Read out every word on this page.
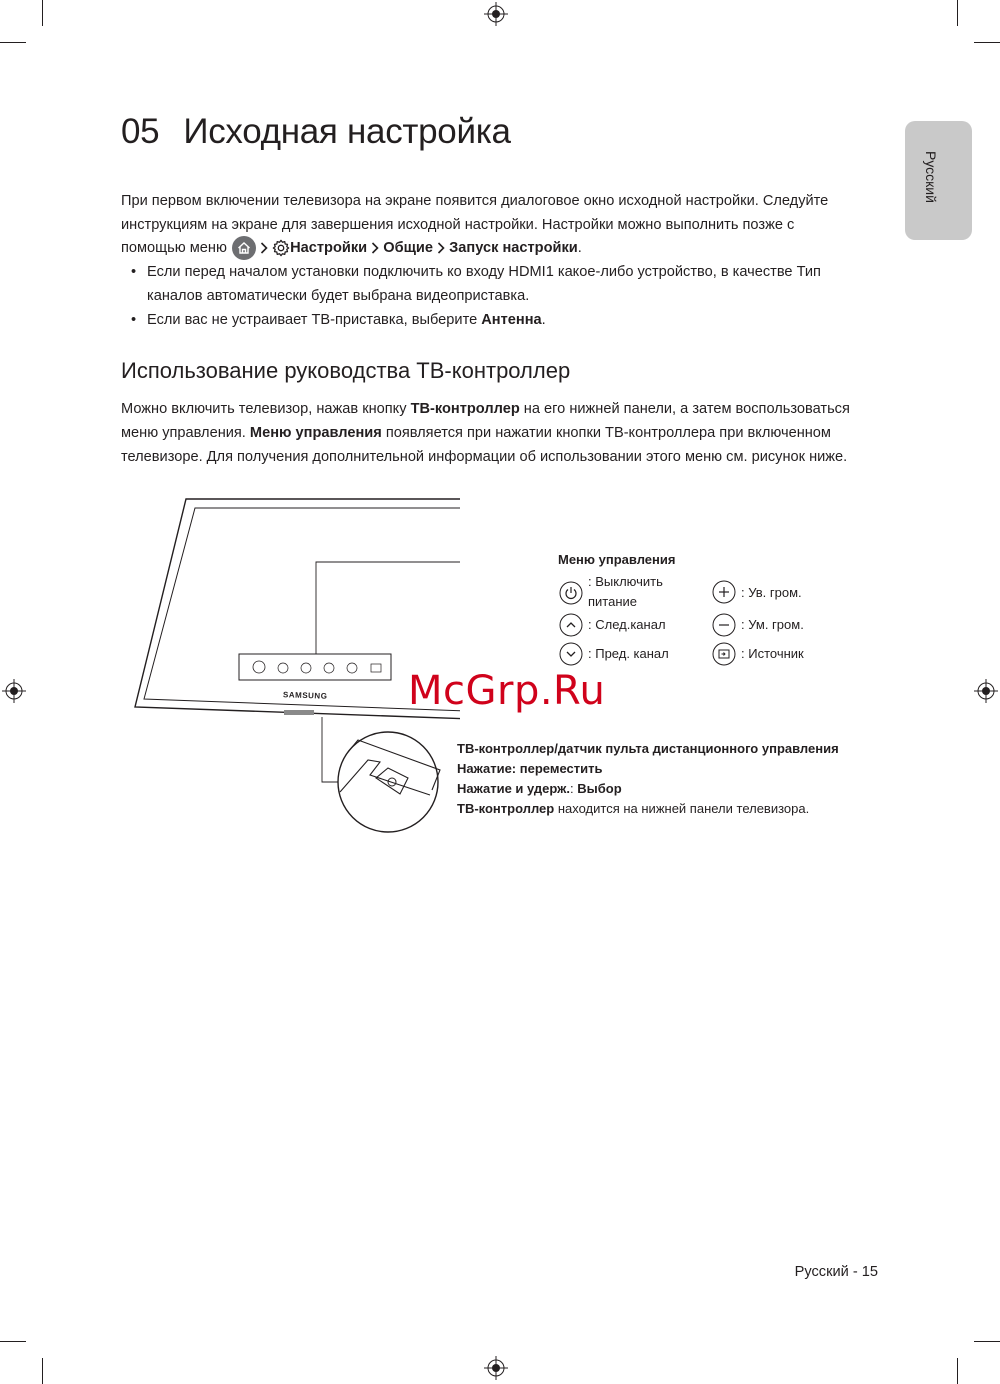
Русский
05 Исходная настройка
При первом включении телевизора на экране появится диалоговое окно исходной настройки. Следуйте
инструкциям на экране для завершения исходной настройки. Настройки можно выполнить позже с
помощью меню	Настройки Общие Запуск настройки.
• Если перед началом установки подключить ко входу HDMI1 какое-либо устройство, в качестве Тип
каналов автоматически будет выбрана видеоприставка.
• Если вас не устраивает ТВ-приставка, выберите Антенна.
Использование руководства ТВ-контроллер
Можно включить телевизор, нажав кнопку ТВ-контроллер на его нижней панели, а затем воспользоваться
меню управления. Меню управления появляется при нажатии кнопки ТВ-контроллера при включенном
телевизоре. Для получения дополнительной информации об использовании этого меню см. рисунок ниже.
SAMSUNG
Меню управления
: Выключить
питание
: След.канал
: Пред. канал
: Ув. гром.
: Ум. гром.
: Источник
ТВ-контроллер/датчик пульта дистанционного управления
Нажатие: переместить
Нажатие и удерж.: Выбор
ТВ-контроллер находится на нижней панели телевизора.
McGrp.Ru
Русский - 15
